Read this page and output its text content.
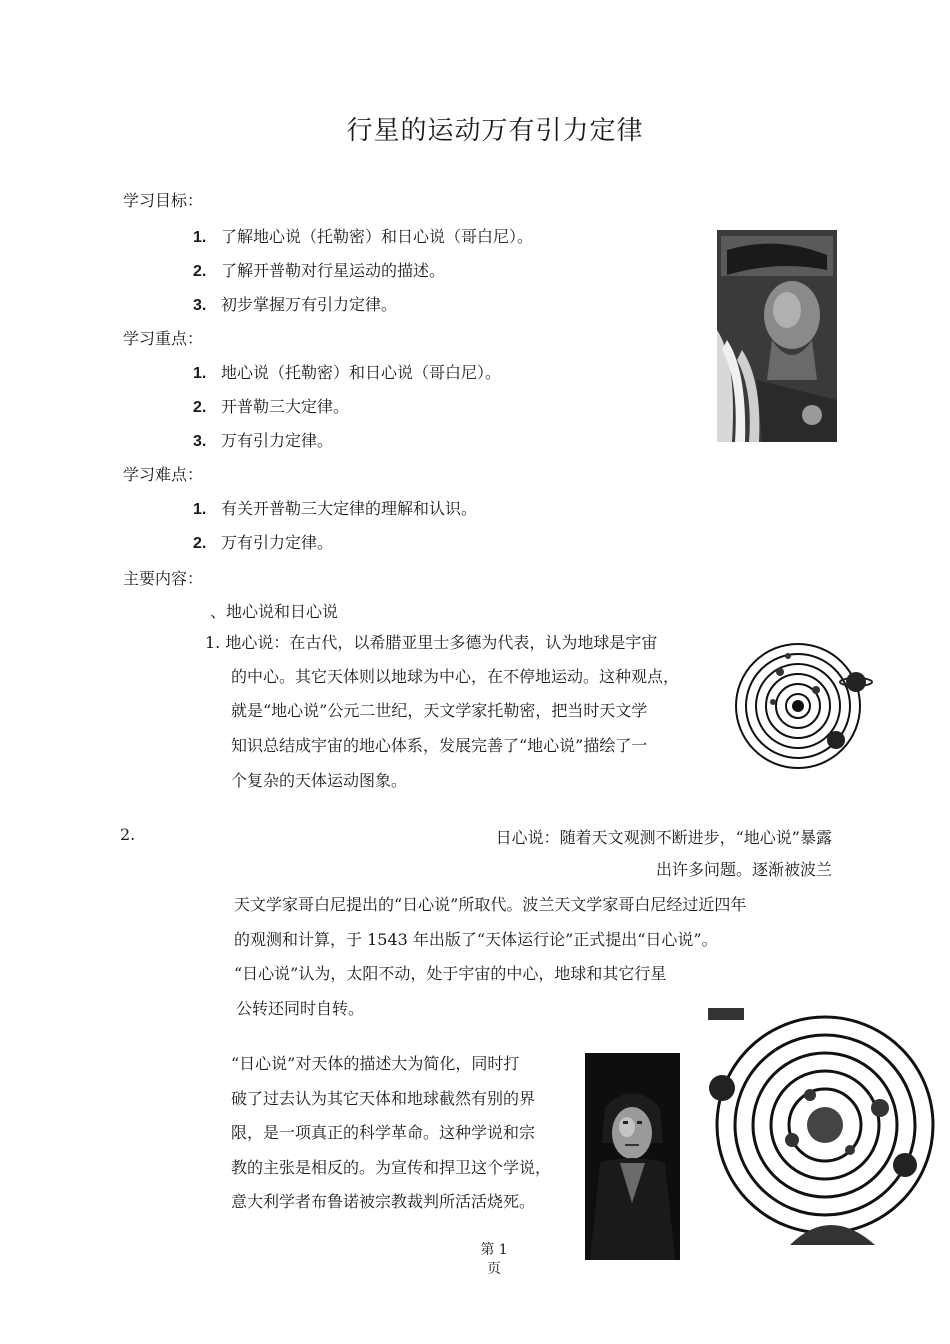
行星的运动万有引力定律
学习目标：
1. 了解地心说（托勒密）和日心说（哥白尼）。
2. 了解开普勒对行星运动的描述。
3. 初步掌握万有引力定律。
学习重点：
1. 地心说（托勒密）和日心说（哥白尼）。
2. 开普勒三大定律。
3. 万有引力定律。
学习难点：
1. 有关开普勒三大定律的理解和认识。
2. 万有引力定律。
主要内容：
、地心说和日心说
1. 地心说：在古代，以希腊亚里士多德为代表，认为地球是宇宙
的中心。其它天体则以地球为中心，在不停地运动。这种观点，
就是“地心说”公元二世纪，天文学家托勒密，把当时天文学
知识总结成宇宙的地心体系，发展完善了“地心说”描绘了一
个复杂的天体运动图象。
2.	日心说：随着天文观测不断进步，“地心说”暴露
出许多问题。逐渐被波兰
天文学家哥白尼提出的“日心说”所取代。波兰天文学家哥白尼经过近四年
的观测和计算，于 1543 年出版了“天体运行论”正式提出“日心说”。
“日心说”认为，太阳不动，处于宇宙的中心，地球和其它行星
公转还同时自转。
“日心说”对天体的描述大为简化，同时打
破了过去认为其它天体和地球截然有别的界
限，是一项真正的科学革命。这种学说和宗
教的主张是相反的。为宣传和捍卫这个学说，
意大利学者布鲁诺被宗教裁判所活活烧死。
第 1
页
